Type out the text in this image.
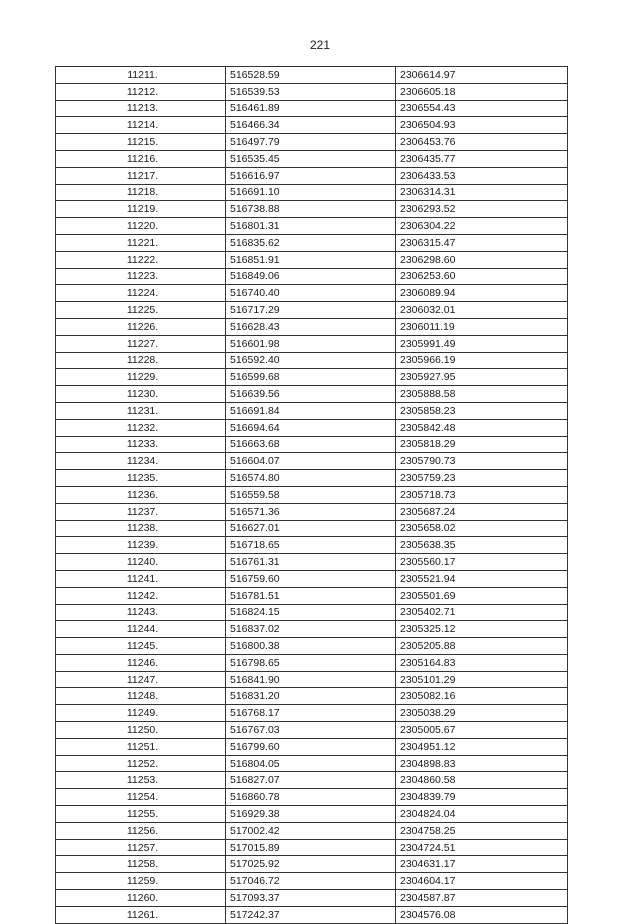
221
11211.	516528.59	2306614.97
11212.	516539.53	2306605.18
11213.	516461.89	2306554.43
11214.	516466.34	2306504.93
11215.	516497.79	2306453.76
11216.	516535.45	2306435.77
11217.	516616.97	2306433.53
11218.	516691.10	2306314.31
11219.	516738.88	2306293.52
11220.	516801.31	2306304.22
11221.	516835.62	2306315.47
11222.	516851.91	2306298.60
11223.	516849.06	2306253.60
11224.	516740.40	2306089.94
11225.	516717.29	2306032.01
11226.	516628.43	2306011.19
11227.	516601.98	2305991.49
11228.	516592.40	2305966.19
11229.	516599.68	2305927.95
11230.	516639.56	2305888.58
11231.	516691.84	2305858.23
11232.	516694.64	2305842.48
11233.	516663.68	2305818.29
11234.	516604.07	2305790.73
11235.	516574.80	2305759.23
11236.	516559.58	2305718.73
11237.	516571.36	2305687.24
11238.	516627.01	2305658.02
11239.	516718.65	2305638.35
11240.	516761.31	2305560.17
11241.	516759.60	2305521.94
11242.	516781.51	2305501.69
11243.	516824.15	2305402.71
11244.	516837.02	2305325.12
11245.	516800.38	2305205.88
11246.	516798.65	2305164.83
11247.	516841.90	2305101.29
11248.	516831.20	2305082.16
11249.	516768.17	2305038.29
11250.	516767.03	2305005.67
11251.	516799.60	2304951.12
11252.	516804.05	2304898.83
11253.	516827.07	2304860.58
11254.	516860.78	2304839.79
11255.	516929.38	2304824.04
11256.	517002.42	2304758.25
11257.	517015.89	2304724.51
11258.	517025.92	2304631.17
11259.	517046.72	2304604.17
11260.	517093.37	2304587.87
11261.	517242.37	2304576.08
